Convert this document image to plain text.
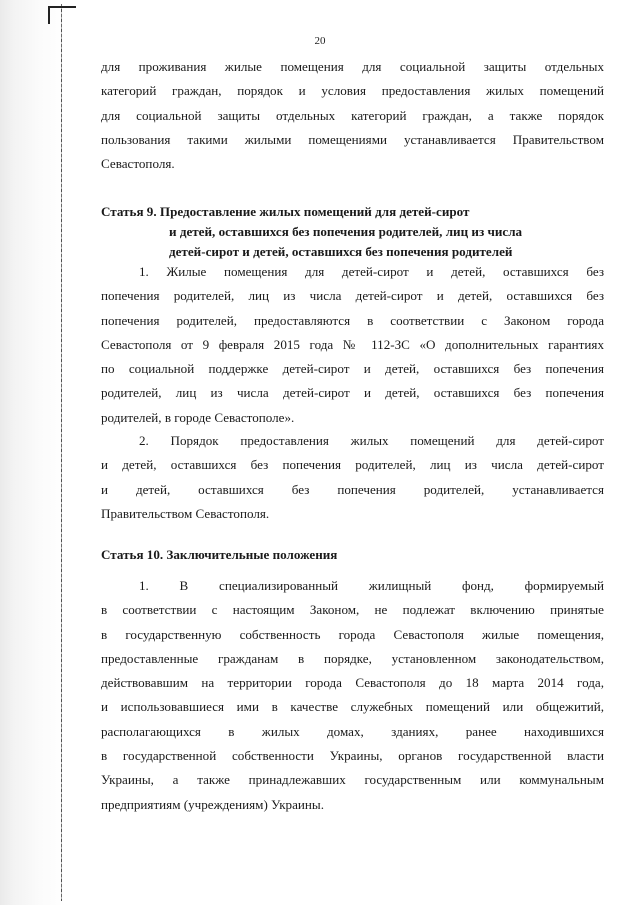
20
для проживания жилые помещения для социальной защиты отдельных
категорий граждан, порядок и условия предоставления жилых помещений
для социальной защиты отдельных категорий граждан, а также порядок
пользования такими жилыми помещениями устанавливается Правительством
Севастополя.
Статья 9. Предоставление жилых помещений для детей-сирот
и детей, оставшихся без попечения родителей, лиц из числа
детей-сирот и детей, оставшихся без попечения родителей
1. Жилые помещения для детей-сирот и детей, оставшихся без
попечения родителей, лиц из числа детей-сирот и детей, оставшихся без
попечения родителей, предоставляются в соответствии с Законом города
Севастополя от 9 февраля 2015 года № 112-ЗС «О дополнительных гарантиях
по социальной поддержке детей-сирот и детей, оставшихся без попечения
родителей, лиц из числа детей-сирот и детей, оставшихся без попечения
родителей, в городе Севастополе».
2. Порядок предоставления жилых помещений для детей-сирот
и детей, оставшихся без попечения родителей, лиц из числа детей-сирот
и детей, оставшихся без попечения родителей, устанавливается
Правительством Севастополя.
Статья 10. Заключительные положения
1. В специализированный жилищный фонд, формируемый
в соответствии с настоящим Законом, не подлежат включению принятые
в государственную собственность города Севастополя жилые помещения,
предоставленные гражданам в порядке, установленном законодательством,
действовавшим на территории города Севастополя до 18 марта 2014 года,
и использовавшиеся ими в качестве служебных помещений или общежитий,
располагающихся в жилых домах, зданиях, ранее находившихся
в государственной собственности Украины, органов государственной власти
Украины, а также принадлежавших государственным или коммунальным
предприятиям (учреждениям) Украины.
